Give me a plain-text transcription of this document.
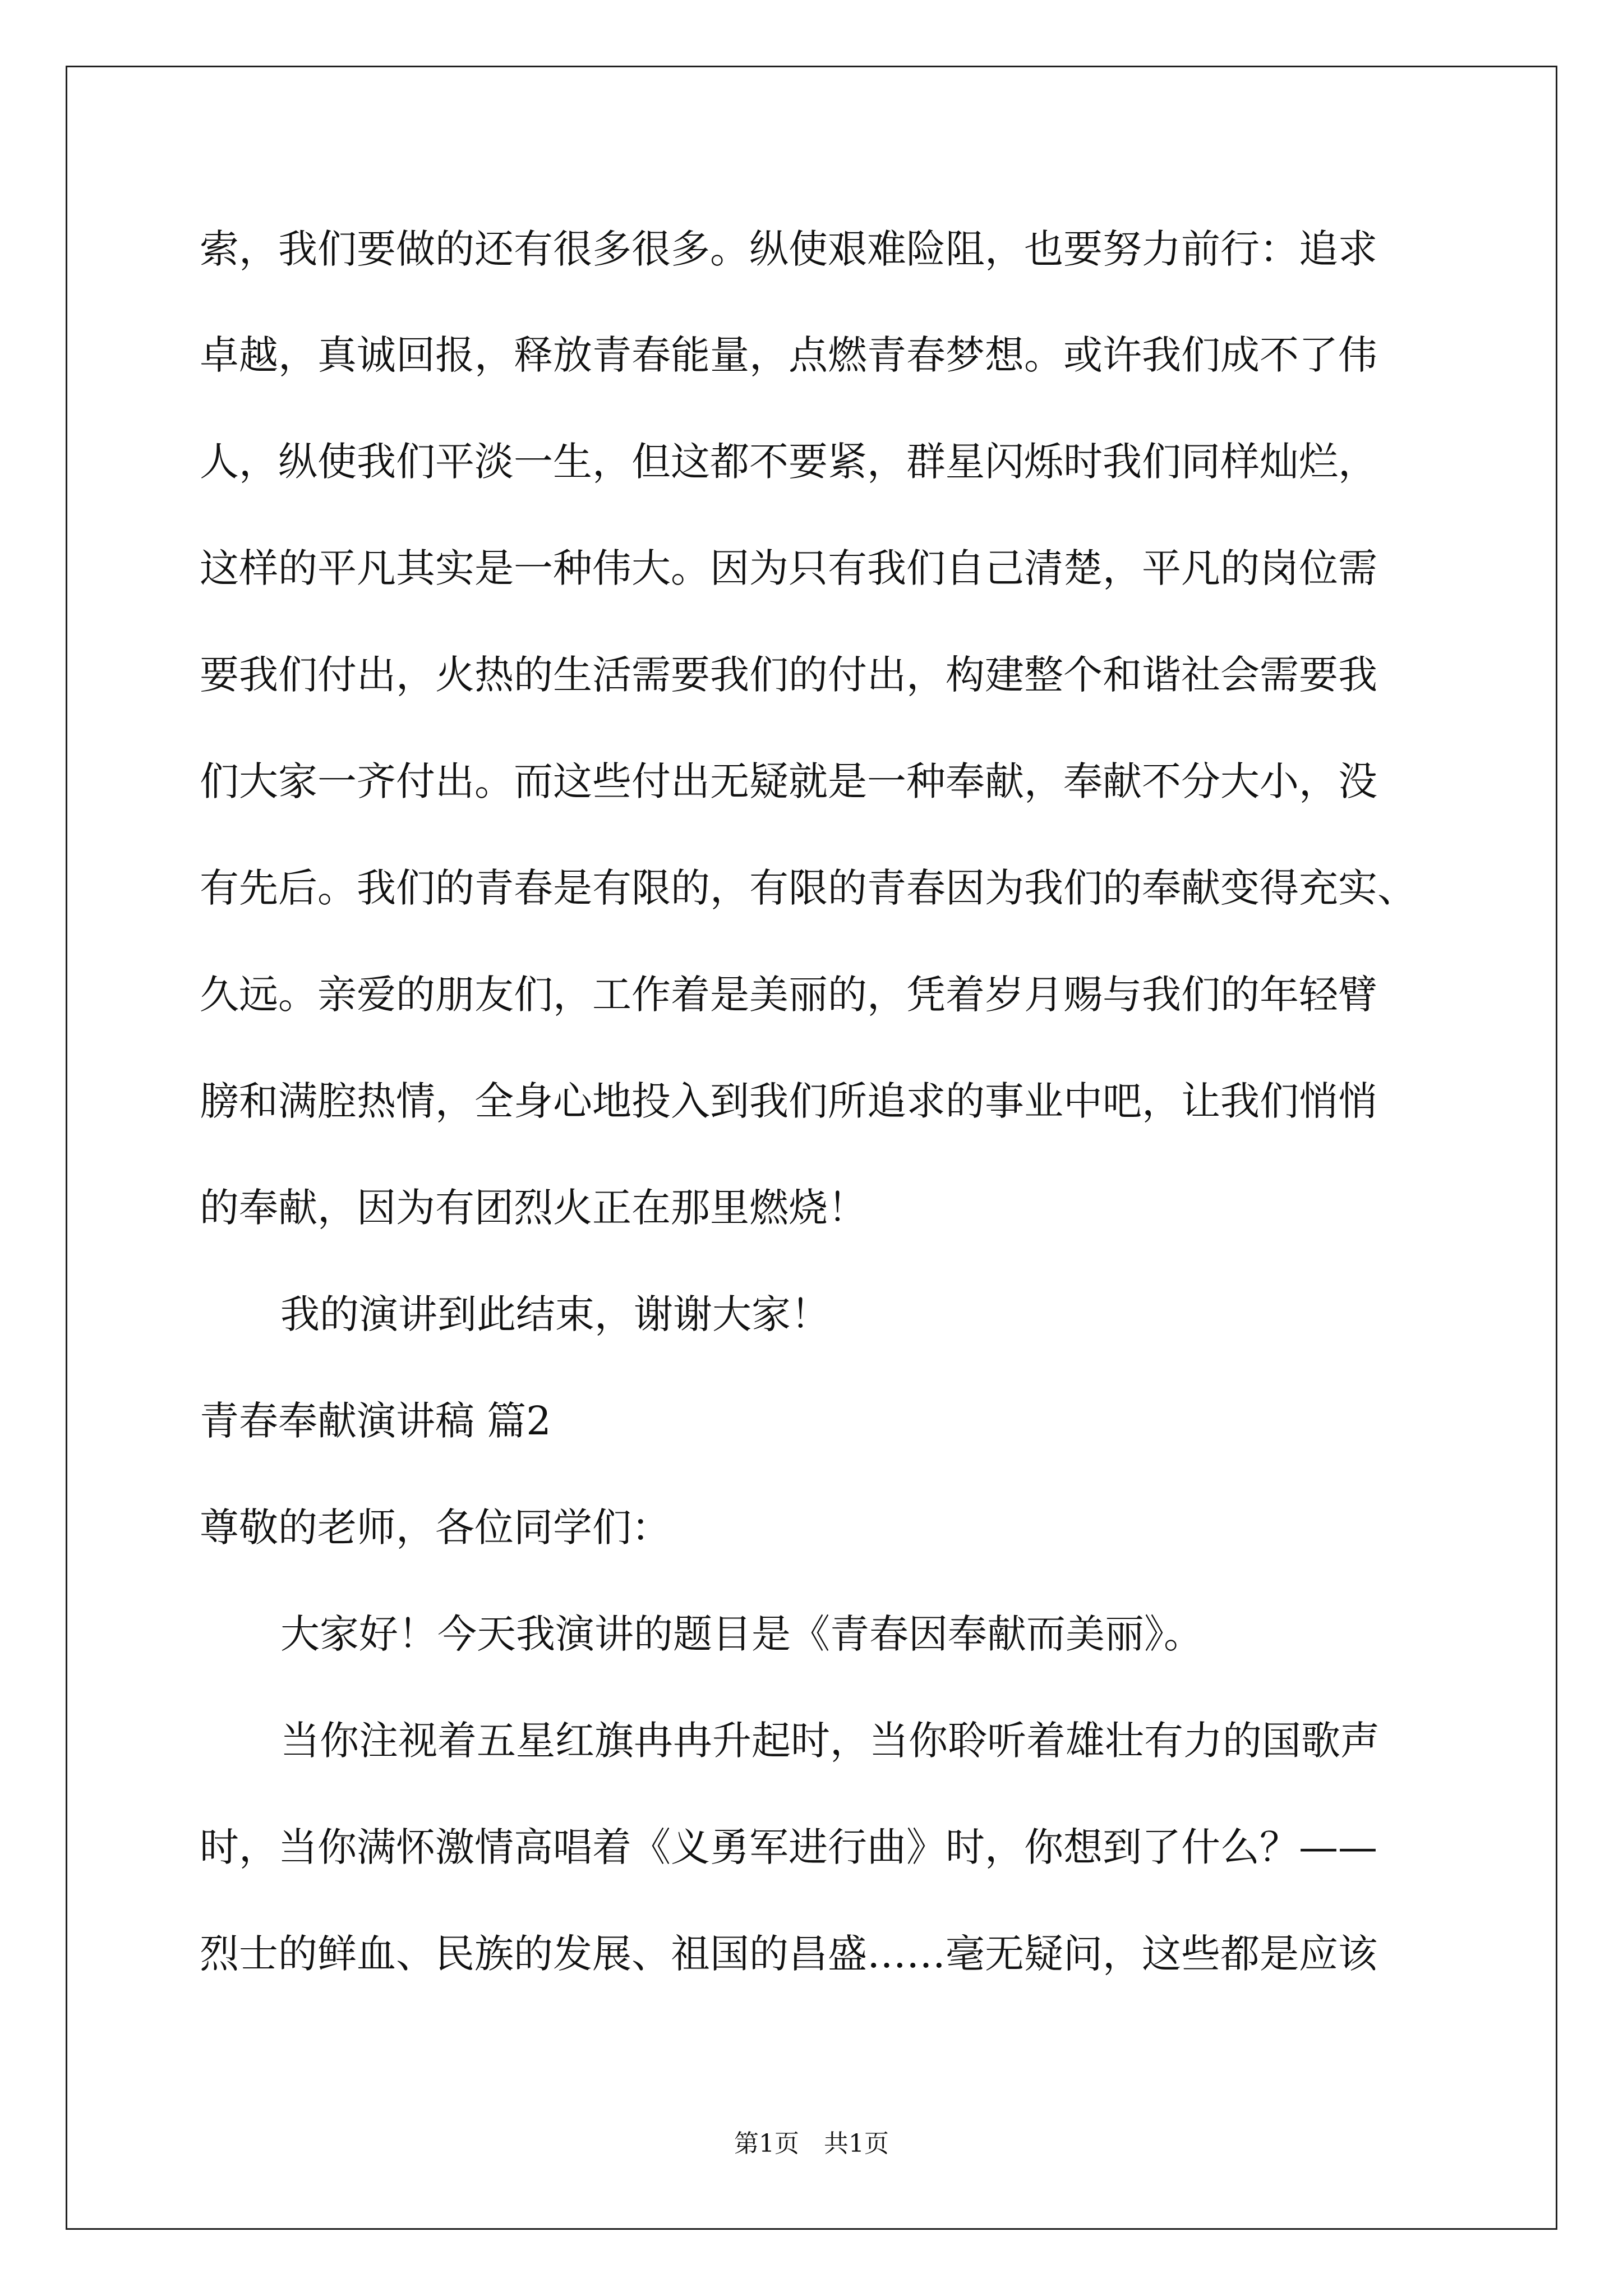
索，我们要做的还有很多很多。纵使艰难险阻，也要努力前行：追求
卓越，真诚回报，释放青春能量，点燃青春梦想。或许我们成不了伟
人，纵使我们平淡一生，但这都不要紧，群星闪烁时我们同样灿烂，
这样的平凡其实是一种伟大。因为只有我们自己清楚，平凡的岗位需
要我们付出，火热的生活需要我们的付出，构建整个和谐社会需要我
们大家一齐付出。而这些付出无疑就是一种奉献，奉献不分大小，没
有先后。我们的青春是有限的，有限的青春因为我们的奉献变得充实、
久远。亲爱的朋友们，工作着是美丽的，凭着岁月赐与我们的年轻臂
膀和满腔热情，全身心地投入到我们所追求的事业中吧，让我们悄悄
的奉献，因为有团烈火正在那里燃烧！
我的演讲到此结束，谢谢大家！
青春奉献演讲稿 篇2
尊敬的老师，各位同学们：
大家好！今天我演讲的题目是《青春因奉献而美丽》。
当你注视着五星红旗冉冉升起时，当你聆听着雄壮有力的国歌声
时，当你满怀激情高唱着《义勇军进行曲》时，你想到了什么？——
烈士的鲜血、民族的发展、祖国的昌盛……毫无疑问，这些都是应该
第1页　共1页
